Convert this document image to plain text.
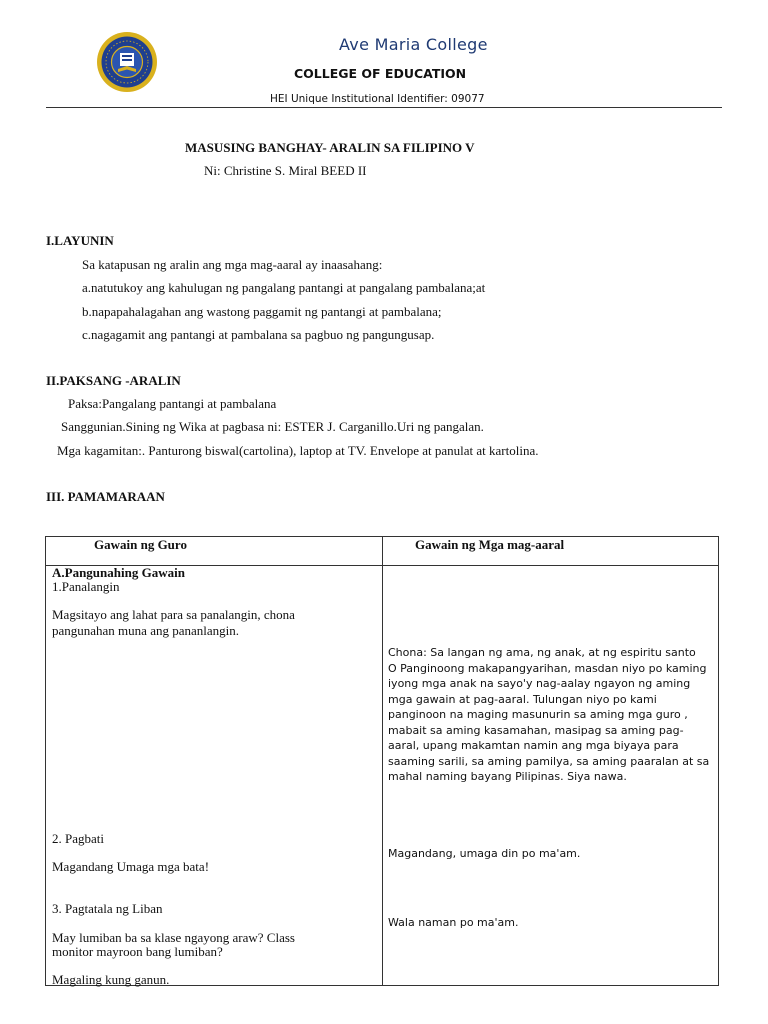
Ave Maria College
COLLEGE OF EDUCATION
HEI Unique Institutional Identifier: 09077
MASUSING BANGHAY- ARALIN SA FILIPINO V
Ni: Christine S. Miral BEED II
I.LAYUNIN
Sa katapusan ng aralin ang mga mag-aaral ay inaasahang:
a.natutukoy ang kahulugan ng pangalang pantangi at pangalang pambalana;at
b.napapahalagahan ang wastong paggamit ng pantangi at pambalana;
c.nagagamit ang pantangi at pambalana sa pagbuo ng pangungusap.
II.PAKSANG -ARALIN
Paksa:Pangalang pantangi at pambalana
Sanggunian.Sining ng Wika at pagbasa ni: ESTER J. Carganillo.Uri ng pangalan.
Mga kagamitan:. Panturong biswal(cartolina), laptop at TV. Envelope at panulat at kartolina.
III. PAMAMARAAN
Gawain ng Guro	Gawain ng Mga mag-aaral
A.Pangunahing Gawain
1.Panalangin
Magsitayo ang lahat para sa panalangin, chona
pangunahan muna ang pananlangin.
2. Pagbati
Magandang Umaga mga bata!
3. Pagtatala ng Liban
May lumiban ba sa klase ngayong araw? Class
monitor mayroon bang lumiban?
Magaling kung ganun.
Chona: Sa langan ng ama, ng anak, at ng espiritu santo
O Panginoong makapangyarihan, masdan niyo po kaming iyong mga anak na sayo'y nag-aalay ngayon ng aming mga gawain at pag-aaral. Tulungan niyo po kami panginoon na maging masunurin sa aming mga guro , mabait sa aming kasamahan, masipag sa aming pag-aaral, upang makamtan namin ang mga biyaya para saaming sarili, sa aming pamilya, sa aming paaralan at sa mahal naming bayang Pilipinas. Siya nawa.
Magandang, umaga din po ma'am.
Wala naman po ma'am.
